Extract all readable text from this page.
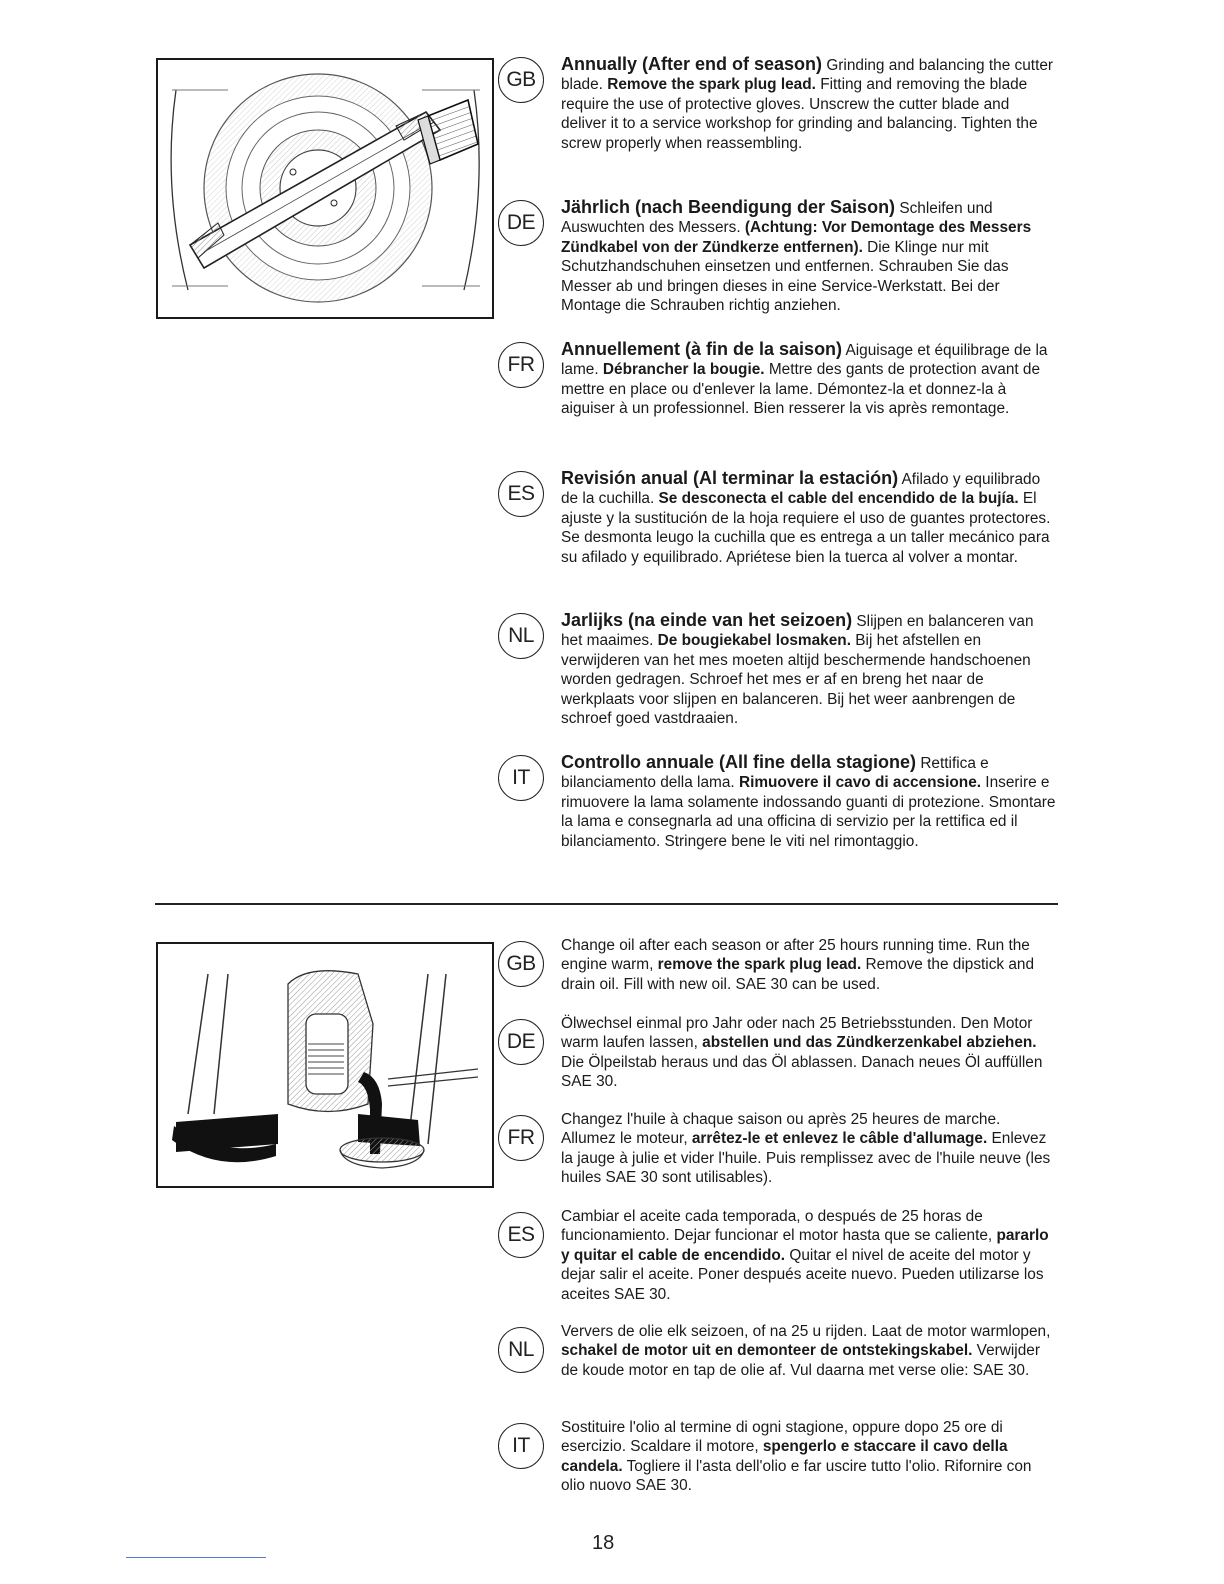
GB
Annually (After end of season) Grinding and balancing the cutter blade. Remove the spark plug lead. Fitting and removing the blade require the use of protective gloves. Unscrew the cutter blade and deliver it to a service workshop for grinding and balancing. Tighten the screw properly when reassembling.
DE
Jährlich (nach Beendigung der Saison) Schleifen und Auswuchten des Messers. (Achtung: Vor Demontage des Messers Zündkabel von der Zündkerze entfernen). Die Klinge nur mit Schutzhandschuhen einsetzen und entfernen. Schrauben Sie das Messer ab und bringen dieses in eine Service-Werkstatt. Bei der Montage die Schrauben richtig anziehen.
FR
Annuellement (à fin de la saison) Aiguisage et équilibrage de la lame. Débrancher la bougie. Mettre des gants de protection avant de mettre en place ou d'enlever la lame. Démontez-la et donnez-la à aiguiser à un professionnel. Bien resserer la vis après remontage.
ES
Revisión anual (Al terminar la estación) Afilado y equilibrado de la cuchilla. Se desconecta el cable del encendido de la bujía. El ajuste y la sustitución de la hoja requiere el uso de guantes protectores. Se desmonta leugo la cuchilla que es entrega a un taller mecánico para su afilado y equilibrado. Apriétese bien la tuerca al volver a montar.
NL
Jarlijks (na einde van het seizoen) Slijpen en balanceren van het maaimes. De bougiekabel losmaken. Bij het afstellen en verwijderen van het mes moeten altijd beschermende handschoenen worden gedragen. Schroef het mes er af en breng het naar de werkplaats voor slijpen en balanceren. Bij het weer aanbrengen de schroef goed vastdraaien.
IT
Controllo annuale (All fine della stagione) Rettifica e bilanciamento della lama. Rimuovere il cavo di accensione. Inserire e rimuovere la lama solamente indossando guanti di protezione. Smontare la lama e consegnarla ad una officina di servizio per la rettifica ed il bilanciamento. Stringere bene le viti nel rimontaggio.
GB
Change oil after each season or after 25 hours running time. Run the engine warm, remove the spark plug lead. Remove the dipstick and drain oil. Fill with new oil. SAE 30 can be used.
DE
Ölwechsel einmal pro Jahr oder nach 25 Betriebsstunden. Den Motor warm laufen lassen, abstellen und das Zündkerzenkabel abziehen. Die Ölpeilstab heraus und das Öl ablassen. Danach neues Öl auffüllen SAE 30.
FR
Changez l'huile à chaque saison ou après 25 heures de marche. Allumez le moteur, arrêtez-le et enlevez le câble d'allumage. Enlevez la jauge à julie et vider l'huile. Puis remplissez avec de l'huile neuve (les huiles SAE 30 sont utilisables).
ES
Cambiar el aceite cada temporada, o después de 25 horas de funcionamiento. Dejar funcionar el motor hasta que se caliente, pararlo y quitar el cable de encendido. Quitar el nivel de aceite del motor y dejar salir el aceite. Poner después aceite nuevo. Pueden utilizarse los aceites SAE 30.
NL
Ververs de olie elk seizoen, of na 25 u rijden. Laat de motor warmlopen, schakel de motor uit en demonteer de ontstekingskabel. Verwijder de koude motor en tap de olie af. Vul daarna met verse olie: SAE 30.
IT
Sostituire l'olio al termine di ogni stagione, oppure dopo 25 ore di esercizio. Scaldare il motore, spengerlo e staccare il cavo della candela. Togliere il l'asta dell'olio e far uscire tutto l'olio. Rifornire con olio nuovo SAE 30.
18
